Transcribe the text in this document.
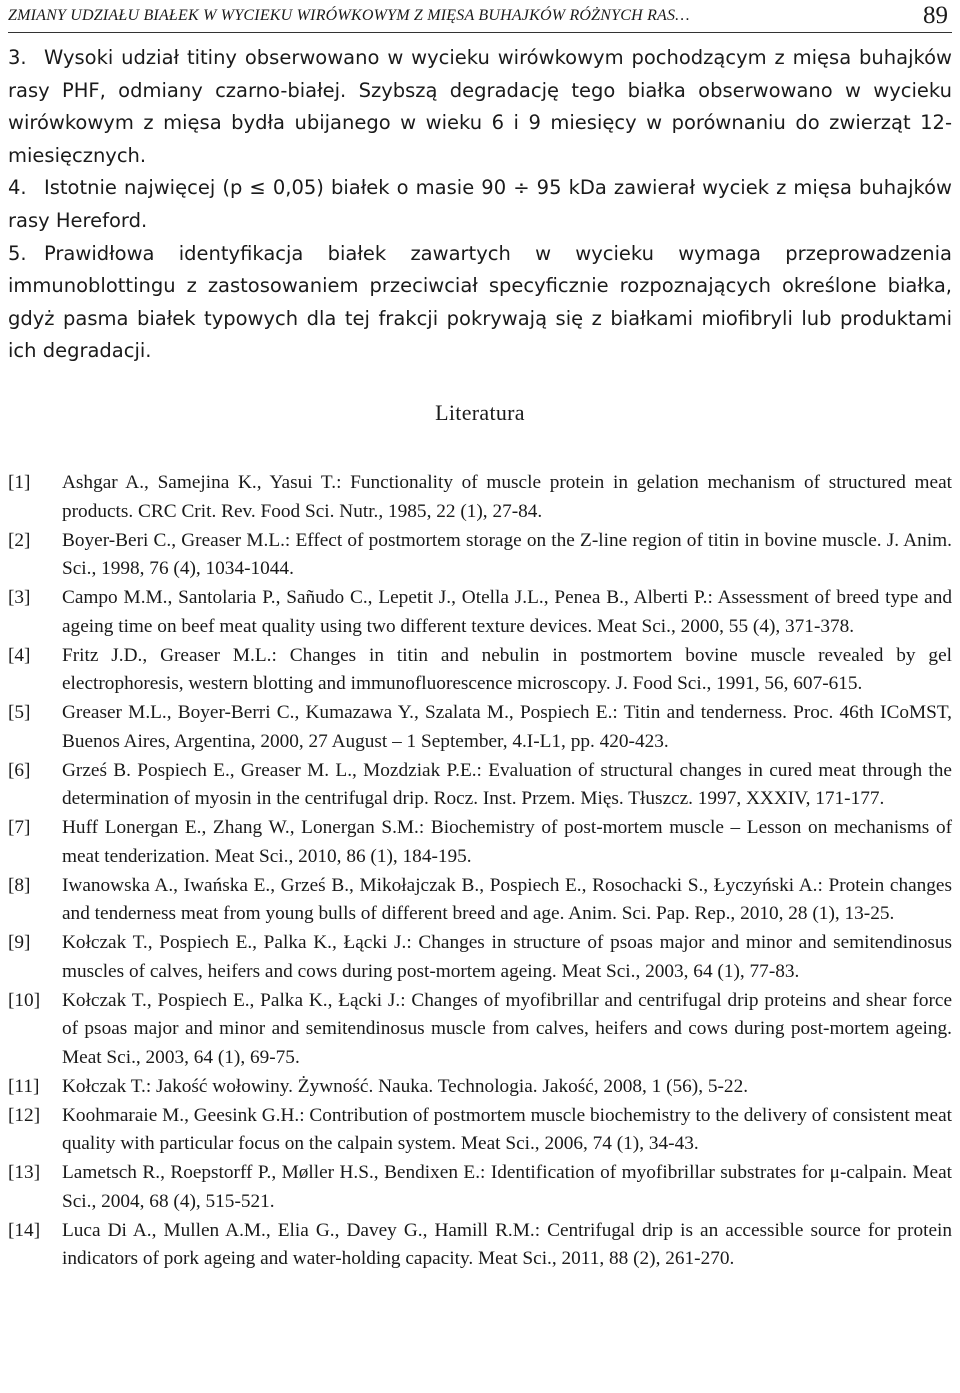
ZMIANY UDZIAŁU BIAŁEK W WYCIEKU WIRÓWKOWYM Z MIĘSA BUHAJKÓW RÓŻNYCH RAS…	89
3. Wysoki udział titiny obserwowano w wycieku wirówkowym pochodzącym z mięsa buhajków rasy PHF, odmiany czarno-białej. Szybszą degradację tego białka obserwowano w wycieku wirówkowym z mięsa bydła ubijanego w wieku 6 i 9 miesięcy w porównaniu do zwierząt 12-miesięcznych.
4. Istotnie najwięcej (p ≤ 0,05) białek o masie 90 ÷ 95 kDa zawierał wyciek z mięsa buhajków rasy Hereford.
5. Prawidłowa identyfikacja białek zawartych w wycieku wymaga przeprowadzenia immunoblottingu z zastosowaniem przeciwciał specyficznie rozpoznających określone białka, gdyż pasma białek typowych dla tej frakcji pokrywają się z białkami miofibryli lub produktami ich degradacji.
Literatura
[1] Ashgar A., Samejina K., Yasui T.: Functionality of muscle protein in gelation mechanism of structured meat products. CRC Crit. Rev. Food Sci. Nutr., 1985, 22 (1), 27-84.
[2] Boyer-Beri C., Greaser M.L.: Effect of postmortem storage on the Z-line region of titin in bovine muscle. J. Anim. Sci., 1998, 76 (4), 1034-1044.
[3] Campo M.M., Santolaria P., Sañudo C., Lepetit J., Otella J.L., Penea B., Alberti P.: Assessment of breed type and ageing time on beef meat quality using two different texture devices. Meat Sci., 2000, 55 (4), 371-378.
[4] Fritz J.D., Greaser M.L.: Changes in titin and nebulin in postmortem bovine muscle revealed by gel electrophoresis, western blotting and immunofluorescence microscopy. J. Food Sci., 1991, 56, 607-615.
[5] Greaser M.L., Boyer-Berri C., Kumazawa Y., Szalata M., Pospiech E.: Titin and tenderness. Proc. 46th ICoMST, Buenos Aires, Argentina, 2000, 27 August – 1 September, 4.I-L1, pp. 420-423.
[6] Grześ B. Pospiech E., Greaser M. L., Mozdziak P.E.: Evaluation of structural changes in cured meat through the determination of myosin in the centrifugal drip. Rocz. Inst. Przem. Mięs. Tłuszcz. 1997, XXXIV, 171-177.
[7] Huff Lonergan E., Zhang W., Lonergan S.M.: Biochemistry of post-mortem muscle – Lesson on mechanisms of meat tenderization. Meat Sci., 2010, 86 (1), 184-195.
[8] Iwanowska A., Iwańska E., Grześ B., Mikołajczak B., Pospiech E., Rosochacki S., Łyczyński A.: Protein changes and tenderness meat from young bulls of different breed and age. Anim. Sci. Pap. Rep., 2010, 28 (1), 13-25.
[9] Kołczak T., Pospiech E., Palka K., Łącki J.: Changes in structure of psoas major and minor and semitendinosus muscles of calves, heifers and cows during post-mortem ageing. Meat Sci., 2003, 64 (1), 77-83.
[10] Kołczak T., Pospiech E., Palka K., Łącki J.: Changes of myofibrillar and centrifugal drip proteins and shear force of psoas major and minor and semitendinosus muscle from calves, heifers and cows during post-mortem ageing. Meat Sci., 2003, 64 (1), 69-75.
[11] Kołczak T.: Jakość wołowiny. Żywność. Nauka. Technologia. Jakość, 2008, 1 (56), 5-22.
[12] Koohmaraie M., Geesink G.H.: Contribution of postmortem muscle biochemistry to the delivery of consistent meat quality with particular focus on the calpain system. Meat Sci., 2006, 74 (1), 34-43.
[13] Lametsch R., Roepstorff P., Møller H.S., Bendixen E.: Identification of myofibrillar substrates for μ-calpain. Meat Sci., 2004, 68 (4), 515-521.
[14] Luca Di A., Mullen A.M., Elia G., Davey G., Hamill R.M.: Centrifugal drip is an accessible source for protein indicators of pork ageing and water-holding capacity. Meat Sci., 2011, 88 (2), 261-270.
